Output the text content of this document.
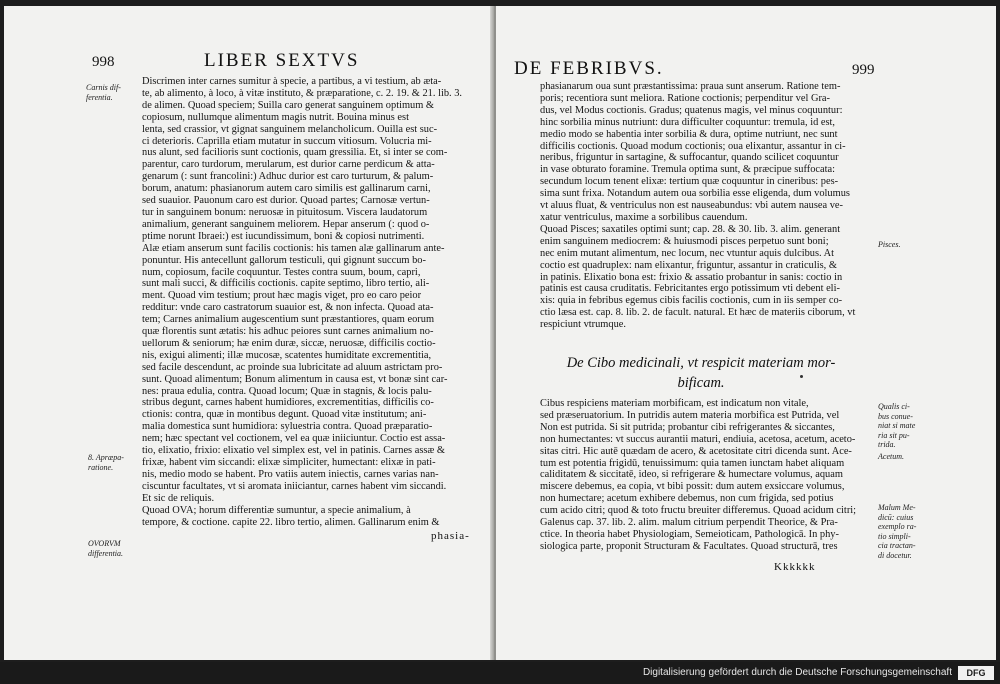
998	LIBER SEXTVS
Carnis dif-
ferentia.
8. Apræpa-
ratione.
OVORVM
differentia.
Discrimen inter carnes sumitur à specie, a partibus, a vi testium, ab æta-
te, ab alimento, à loco, à vitæ instituto, & præparatione, c. 2. 19. & 21. lib. 3.
de alimen. Quoad speciem; Suilla caro generat sanguinem optimum &
copiosum, nullumque alimentum magis nutrit. Bouina minus est
lenta, sed crassior, vt gignat sanguinem melancholicum. Ouilla est suc-
ci deterioris. Caprilla etiam mutatur in succum vitiosum. Volucria mi-
nus alunt, sed facilioris sunt coctionis, quam gressilia. Et, si inter se com-
parentur, caro turdorum, merularum, est durior carne perdicum & atta-
genarum (: sunt francolini:) Adhuc durior est caro turturum, & palum-
borum, anatum: phasianorum autem caro similis est gallinarum carni,
sed suauior. Pauonum caro est durior. Quoad partes; Carnosæ vertun-
tur in sanguinem bonum: neruosæ in pituitosum. Viscera laudatorum
animalium, generant sanguinem meliorem. Hepar anserum (: quod o-
ptime norunt Ibraei:) est iucundissimum, boni & copiosi nutrimenti.
Alæ etiam anserum sunt facilis coctionis: his tamen alæ gallinarum ante-
ponuntur. His antecellunt gallorum testiculi, qui gignunt succum bo-
num, copiosum, facile coquuntur. Testes contra suum, boum, capri,
sunt mali succi, & difficilis coctionis. capite septimo, libro tertio, ali-
ment. Quoad vim testium; prout hæc magis viget, pro eo caro peior
redditur: vnde caro castratorum suauior est, & non infecta. Quoad ata-
tem; Carnes animalium augescentium sunt præstantiores, quam eorum
quæ florentis sunt ætatis: his adhuc peiores sunt carnes animalium no-
uellorum & seniorum; hæ enim duræ, siccæ, neruosæ, difficilis coctio-
nis, exigui alimenti; illæ mucosæ, scatentes humiditate excrementitia,
sed facile descendunt, ac proinde sua lubricitate ad aluum astrictam pro-
sunt. Quoad alimentum; Bonum alimentum in causa est, vt bonæ sint car-
nes: praua edulia, contra. Quoad locum; Quæ in stagnis, & locis palu-
stribus degunt, carnes habent humidiores, excrementitias, difficilis co-
ctionis: contra, quæ in montibus degunt. Quoad vitæ institutum; ani-
malia domestica sunt humidiora: syluestria contra. Quoad præparatio-
nem; hæc spectant vel coctionem, vel ea quæ iniiciuntur. Coctio est assa-
tio, elixatio, frixio: elixatio vel simplex est, vel in patinis. Carnes assæ &
frixæ, habent vim siccandi: elixæ simpliciter, humectant: elixæ in pati-
nis, medio modo se habent. Pro vatiis autem iniectis, carnes varias nan-
ciscuntur facultates, vt si aromata iniiciantur, carnes habent vim siccandi.
Et sic de reliquis.
Quoad OVA; horum differentiæ sumuntur, a specie animalium, à
tempore, & coctione. capite 22. libro tertio, alimen. Gallinarum enim &
phasia-
DE FEBRIBVS.	999
phasianarum oua sunt præstantissima: praua sunt anserum. Ratione tem-
poris; recentiora sunt meliora. Ratione coctionis; perpenditur vel Gra-
dus, vel Modus coctionis. Gradus; quatenus magis, vel minus coquuntur:
hinc sorbilia minus nutriunt: dura difficulter coquuntur: tremula, id est,
medio modo se habentia inter sorbilia & dura, optime nutriunt, nec sunt
difficilis coctionis. Quoad modum coctionis; oua elixantur, assantur in ci-
neribus, friguntur in sartagine, & suffocantur, quando scilicet coquuntur
in vase obturato foramine. Tremula optima sunt, & præcipue suffocata:
secundum locum tenent elixæ: tertium quæ coquuntur in cineribus: pes-
sima sunt frixa. Notandum autem oua sorbilia esse eligenda, dum volumus
vt aluus fluat, & ventriculus non est nauseabundus: vbi autem nausea ve-
xatur ventriculus, maxime a sorbilibus cauendum.
Quoad Pisces; saxatiles optimi sunt; cap. 28. & 30. lib. 3. alim. generant
enim sanguinem mediocrem: & huiusmodi pisces perpetuo sunt boni;
nec enim mutant alimentum, nec locum, nec vtuntur aquis dulcibus. At
coctio est quadruplex: nam elixantur, friguntur, assantur in craticulis, &
in patinis. Elixatio bona est: frixio & assatio probantur in sanis: coctio in
patinis est causa cruditatis. Febricitantes ergo potissimum vti debent eli-
xis: quia in febribus egemus cibis facilis coctionis, cum in iis semper co-
ctio læsa est. cap. 8. lib. 2. de facult. natural. Et hæc de materiis ciborum, vt
respiciunt vtrumque.
De Cibo medicinali, vt respicit materiam mor-
bificam.
Cibus respiciens materiam morbificam, est indicatum non vitale,
sed præseruatorium. In putridis autem materia morbifica est Putrida, vel
Non est putrida. Si sit putrida; probantur cibi refrigerantes & siccantes,
non humectantes: vt succus aurantii maturi, endiuia, acetosa, acetum, aceto-
sitas citri. Hic autē quædam de acero, & acetositate citri dicenda sunt. Ace-
tum est potentia frigidū, tenuissimum: quia tamen iunctam habet aliquam
caliditatem & siccitatē, ideo, si refrigerare & humectare volumus, aquam
miscere debemus, ea copia, vt bibi possit: dum autem exsiccare volumus,
non humectare; acetum exhibere debemus, non cum frigida, sed potius
cum acido citri; quod & toto fructu breuiter differemus. Quoad acidum citri;
Galenus cap. 37. lib. 2. alim. malum citrium perpendit Theorice, & Pra-
ctice. In theoria habet Physiologiam, Semeioticam, Pathologicā. In phy-
siologica parte, proponit Structuram & Facultates. Quoad structurā, tres
Pisces.
Qualis ci-
bus conue-
niat si mate
ria sit pu-
trida.
Acetum.
Malum Me-
dicū: cuius
exemplo ra-
tio simpli-
cia tractan-
di docetur.
Kkkkkk
Digitalisierung gefördert durch die Deutsche Forschungsgemeinschaft	DFG
